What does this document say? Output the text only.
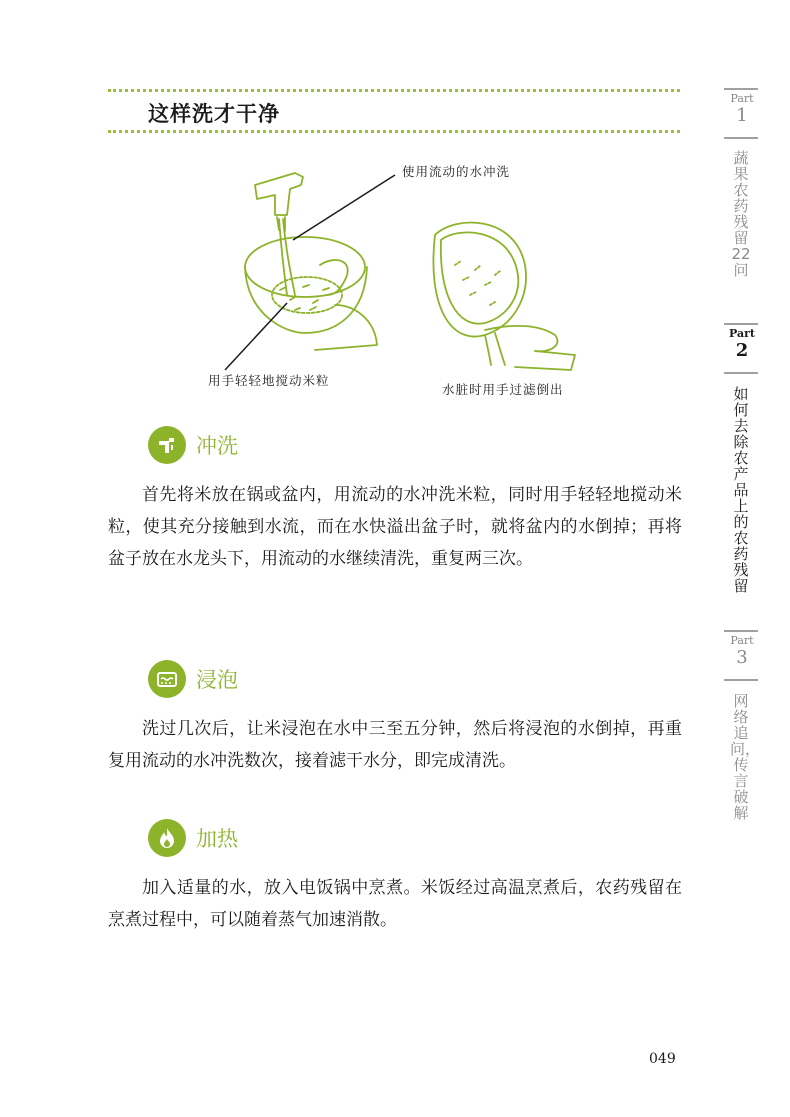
这样洗才干净
使用流动的水冲洗
用手轻轻地搅动米粒
水脏时用手过滤倒出
冲洗
首先将米放在锅或盆内，用流动的水冲洗米粒，同时用手轻轻地搅动米粒，使其充分接触到水流，而在水快溢出盆子时，就将盆内的水倒掉；再将盆子放在水龙头下，用流动的水继续清洗，重复两三次。
浸泡
洗过几次后，让米浸泡在水中三至五分钟，然后将浸泡的水倒掉，再重复用流动的水冲洗数次，接着滤干水分，即完成清洗。
加热
加入适量的水，放入电饭锅中烹煮。米饭经过高温烹煮后，农药残留在烹煮过程中，可以随着蒸气加速消散。
Part
1
蔬果农药残留22问
Part
2
如何去除农产品上的农药残留
Part
3
网络追问，传言破解
049
